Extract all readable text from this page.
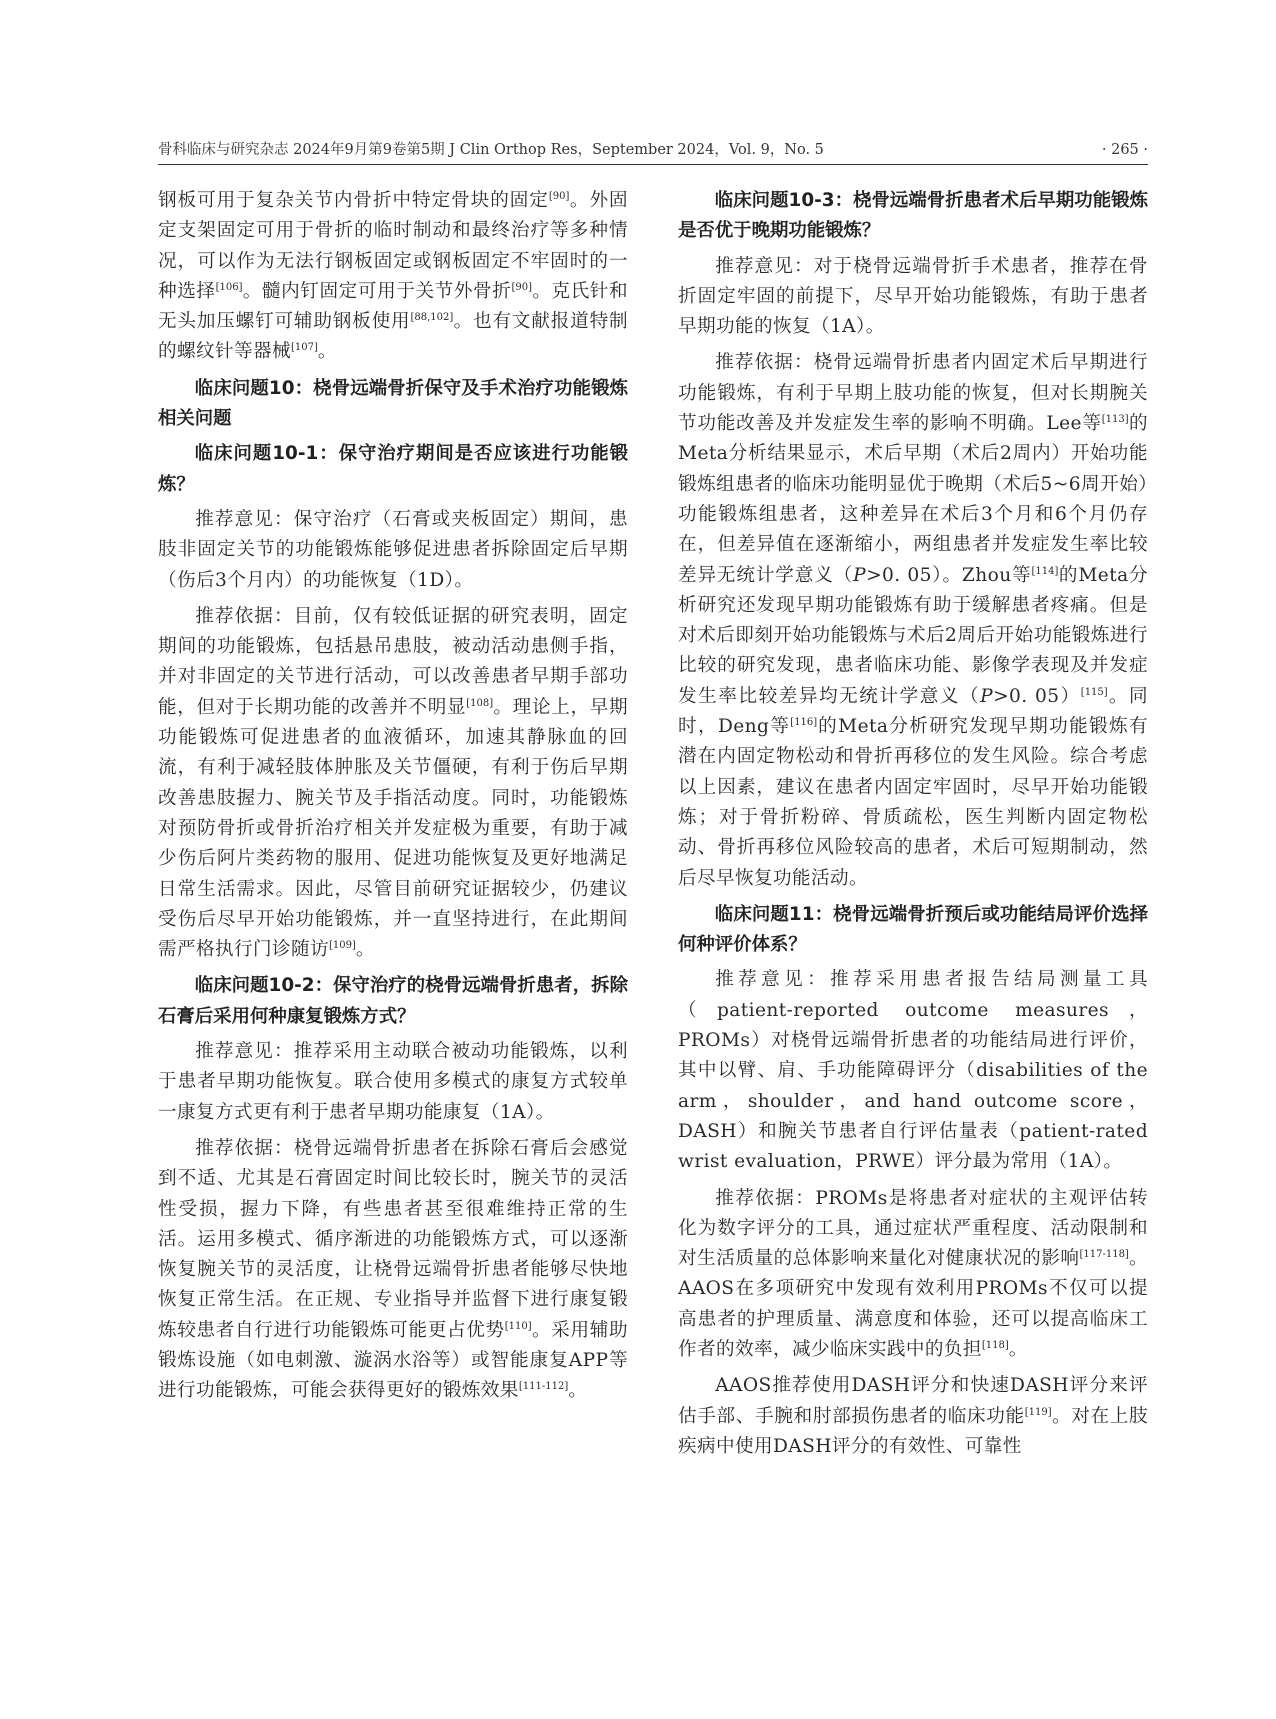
骨科临床与研究杂志 2024年9月第9卷第5期 J Clin Orthop Res，September 2024，Vol. 9，No. 5	· 265 ·

钢板可用于复杂关节内骨折中特定骨块的固定[90]。外固定支架固定可用于骨折的临时制动和最终治疗等多种情况，可以作为无法行钢板固定或钢板固定不牢固时的一种选择[106]。髓内钉固定可用于关节外骨折[90]。克氏针和无头加压螺钉可辅助钢板使用[88,102]。也有文献报道特制的螺纹针等器械[107]。

临床问题10：桡骨远端骨折保守及手术治疗功能锻炼相关问题
临床问题10-1：保守治疗期间是否应该进行功能锻炼？

推荐意见：保守治疗（石膏或夹板固定）期间，患肢非固定关节的功能锻炼能够促进患者拆除固定后早期（伤后3个月内）的功能恢复（1D）。

推荐依据：目前，仅有较低证据的研究表明，固定期间的功能锻炼，包括悬吊患肢，被动活动患侧手指，并对非固定的关节进行活动，可以改善患者早期手部功能，但对于长期功能的改善并不明显[108]。理论上，早期功能锻炼可促进患者的血液循环，加速其静脉血的回流，有利于减轻肢体肿胀及关节僵硬，有利于伤后早期改善患肢握力、腕关节及手指活动度。同时，功能锻炼对预防骨折或骨折治疗相关并发症极为重要，有助于减少伤后阿片类药物的服用、促进功能恢复及更好地满足日常生活需求。因此，尽管目前研究证据较少，仍建议受伤后尽早开始功能锻炼，并一直坚持进行，在此期间需严格执行门诊随访[109]。

临床问题10-2：保守治疗的桡骨远端骨折患者，拆除石膏后采用何种康复锻炼方式？

推荐意见：推荐采用主动联合被动功能锻炼，以利于患者早期功能恢复。联合使用多模式的康复方式较单一康复方式更有利于患者早期功能康复（1A）。

推荐依据：桡骨远端骨折患者在拆除石膏后会感觉到不适、尤其是石膏固定时间比较长时，腕关节的灵活性受损，握力下降，有些患者甚至很难维持正常的生活。运用多模式、循序渐进的功能锻炼方式，可以逐渐恢复腕关节的灵活度，让桡骨远端骨折患者能够尽快地恢复正常生活。在正规、专业指导并监督下进行康复锻炼较患者自行进行功能锻炼可能更占优势[110]。采用辅助锻炼设施（如电刺激、漩涡水浴等）或智能康复APP等进行功能锻炼，可能会获得更好的锻炼效果[111-112]。

临床问题10-3：桡骨远端骨折患者术后早期功能锻炼是否优于晚期功能锻炼？

推荐意见：对于桡骨远端骨折手术患者，推荐在骨折固定牢固的前提下，尽早开始功能锻炼，有助于患者早期功能的恢复（1A）。

推荐依据：桡骨远端骨折患者内固定术后早期进行功能锻炼，有利于早期上肢功能的恢复，但对长期腕关节功能改善及并发症发生率的影响不明确。Lee等[113]的Meta分析结果显示，术后早期（术后2周内）开始功能锻炼组患者的临床功能明显优于晚期（术后5~6周开始）功能锻炼组患者，这种差异在术后3个月和6个月仍存在，但差异值在逐渐缩小，两组患者并发症发生率比较差异无统计学意义（P>0. 05）。Zhou等[114]的Meta分析研究还发现早期功能锻炼有助于缓解患者疼痛。但是对术后即刻开始功能锻炼与术后2周后开始功能锻炼进行比较的研究发现，患者临床功能、影像学表现及并发症发生率比较差异均无统计学意义（P>0. 05）[115]。同时，Deng等[116]的Meta分析研究发现早期功能锻炼有潜在内固定物松动和骨折再移位的发生风险。综合考虑以上因素，建议在患者内固定牢固时，尽早开始功能锻炼；对于骨折粉碎、骨质疏松，医生判断内固定物松动、骨折再移位风险较高的患者，术后可短期制动，然后尽早恢复功能活动。

临床问题11：桡骨远端骨折预后或功能结局评价选择何种评价体系？

推荐意见：推荐采用患者报告结局测量工具（patient-reported outcome measures，PROMs）对桡骨远端骨折患者的功能结局进行评价，其中以臂、肩、手功能障碍评分（disabilities of the arm，shoulder，and hand outcome score，DASH）和腕关节患者自行评估量表（patient-rated wrist evaluation，PRWE）评分最为常用（1A）。

推荐依据：PROMs是将患者对症状的主观评估转化为数字评分的工具，通过症状严重程度、活动限制和对生活质量的总体影响来量化对健康状况的影响[117-118]。AAOS在多项研究中发现有效利用PROMs不仅可以提高患者的护理质量、满意度和体验，还可以提高临床工作者的效率，减少临床实践中的负担[118]。

AAOS推荐使用DASH评分和快速DASH评分来评估手部、手腕和肘部损伤患者的临床功能[119]。对在上肢疾病中使用DASH评分的有效性、可靠性
